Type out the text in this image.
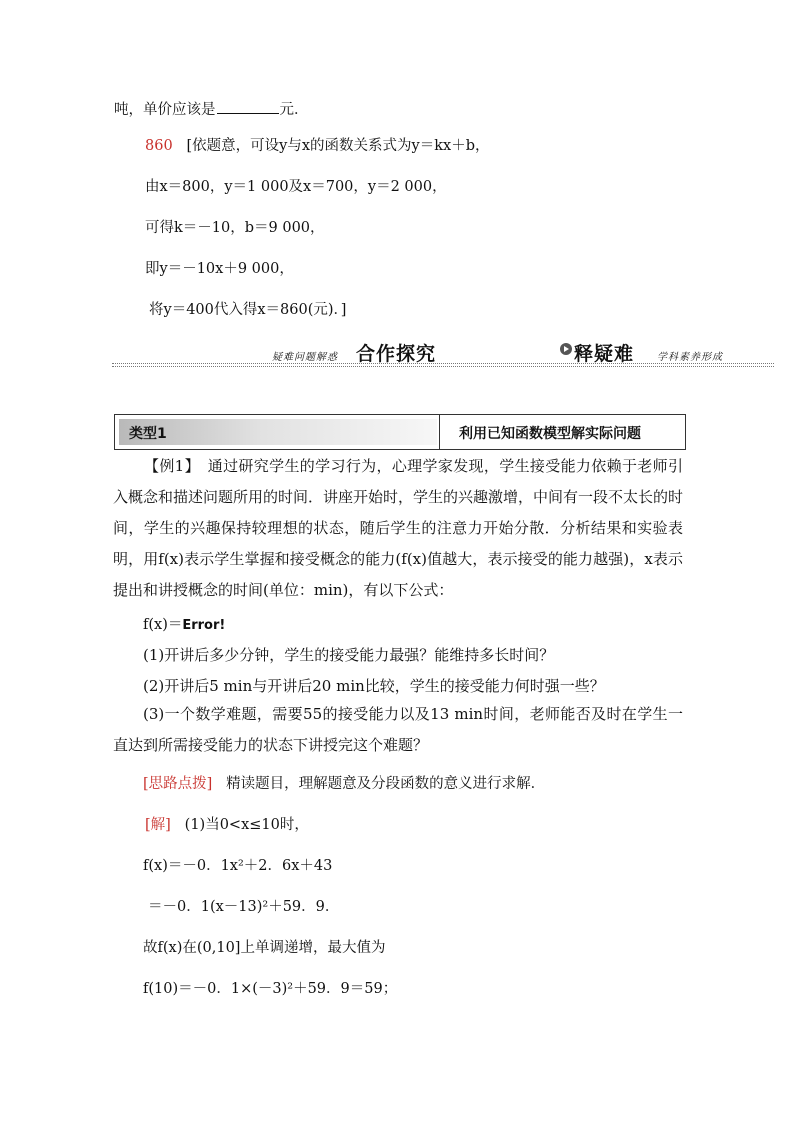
吨，单价应该是	元．
860 [依题意，可设y与x的函数关系式为y＝kx＋b，
由x＝800，y＝1 000及x＝700，y＝2 000，
可得k＝－10，b＝9 000，
即y＝－10x＋9 000，
将y＝400代入得x＝860(元)．]
疑难问题解惑 合作探究	释疑难 学科素养形成
类型1	利用已知函数模型解实际问题
【例1】　通过研究学生的学习行为，心理学家发现，学生接受能力依赖于老师引入概念和描述问题所用的时间．讲座开始时，学生的兴趣激增，中间有一段不太长的时间，学生的兴趣保持较理想的状态，随后学生的注意力开始分散．分析结果和实验表明，用f(x)表示学生掌握和接受概念的能力(f(x)值越大，表示接受的能力越强)，x表示提出和讲授概念的时间(单位：min)，有以下公式：
f(x)＝Error!
(1)开讲后多少分钟，学生的接受能力最强？能维持多长时间？
(2)开讲后5 min与开讲后20 min比较，学生的接受能力何时强一些？
(3)一个数学难题，需要55的接受能力以及13 min时间，老师能否及时在学生一直达到所需接受能力的状态下讲授完这个难题？
[思路点拨] 精读题目，理解题意及分段函数的意义进行求解．
[解] (1)当0<x≤10时，
f(x)＝－0．1x²＋2．6x＋43
＝－0．1(x－13)²＋59．9．
故f(x)在(0,10]上单调递增，最大值为
f(10)＝－0．1×(－3)²＋59．9＝59；
